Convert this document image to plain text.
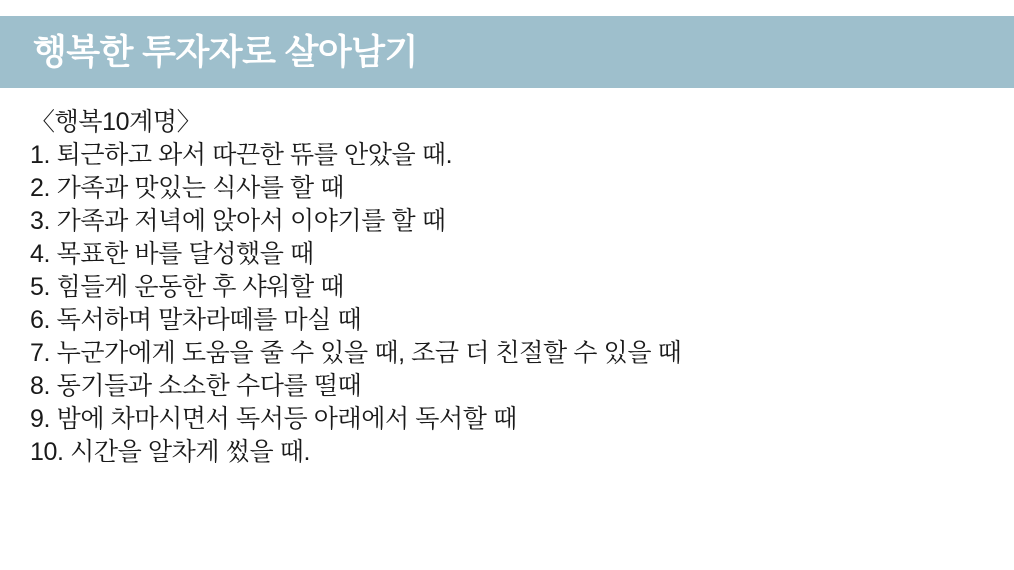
행복한 투자자로 살아남기
〈행복10계명〉
1. 퇴근하고 와서 따끈한 뜌를 안았을 때.
2. 가족과 맛있는 식사를 할 때
3. 가족과 저녁에 앉아서 이야기를 할 때
4. 목표한 바를 달성했을 때
5. 힘들게 운동한 후 샤워할 때
6. 독서하며 말차라떼를 마실 때
7. 누군가에게 도움을 줄 수 있을 때, 조금 더 친절할 수 있을 때
8. 동기들과 소소한 수다를 떨때
9. 밤에 차마시면서 독서등 아래에서 독서할 때
10. 시간을 알차게 썼을 때.
